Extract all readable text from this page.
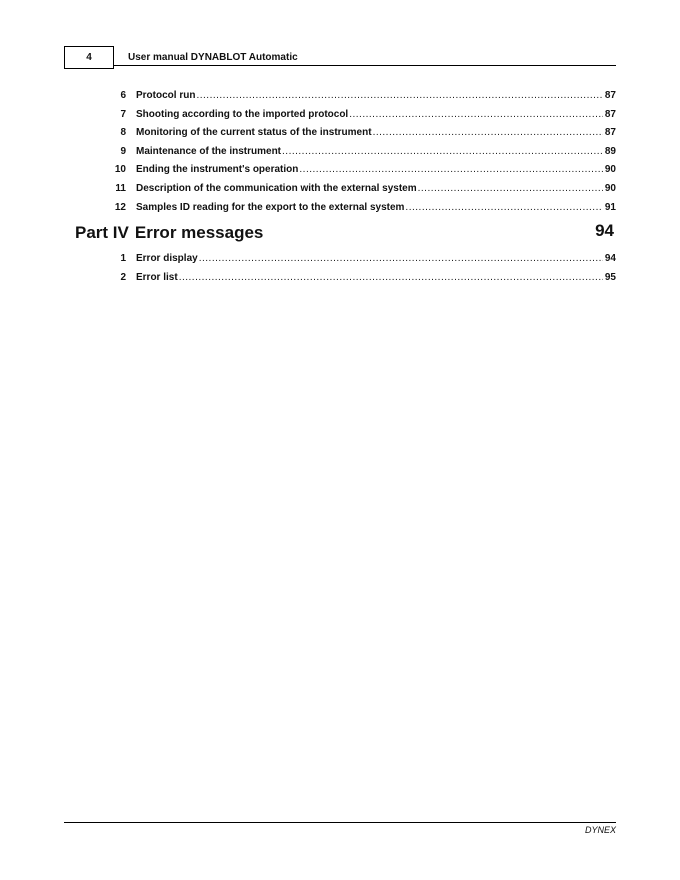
4	User manual DYNABLOT Automatic
6 Protocol run .....	87
7 Shooting according to the imported protocol .....	87
8 Monitoring of the current status of the instrument .....	87
9 Maintenance of the instrument .....	89
10 Ending the instrument's operation .....	90
11 Description of the communication with the external system .....	90
12 Samples ID reading for the export to the external system .....	91
Part IV Error messages	94
1 Error display .....	94
2 Error list .....	95
DYNEX
